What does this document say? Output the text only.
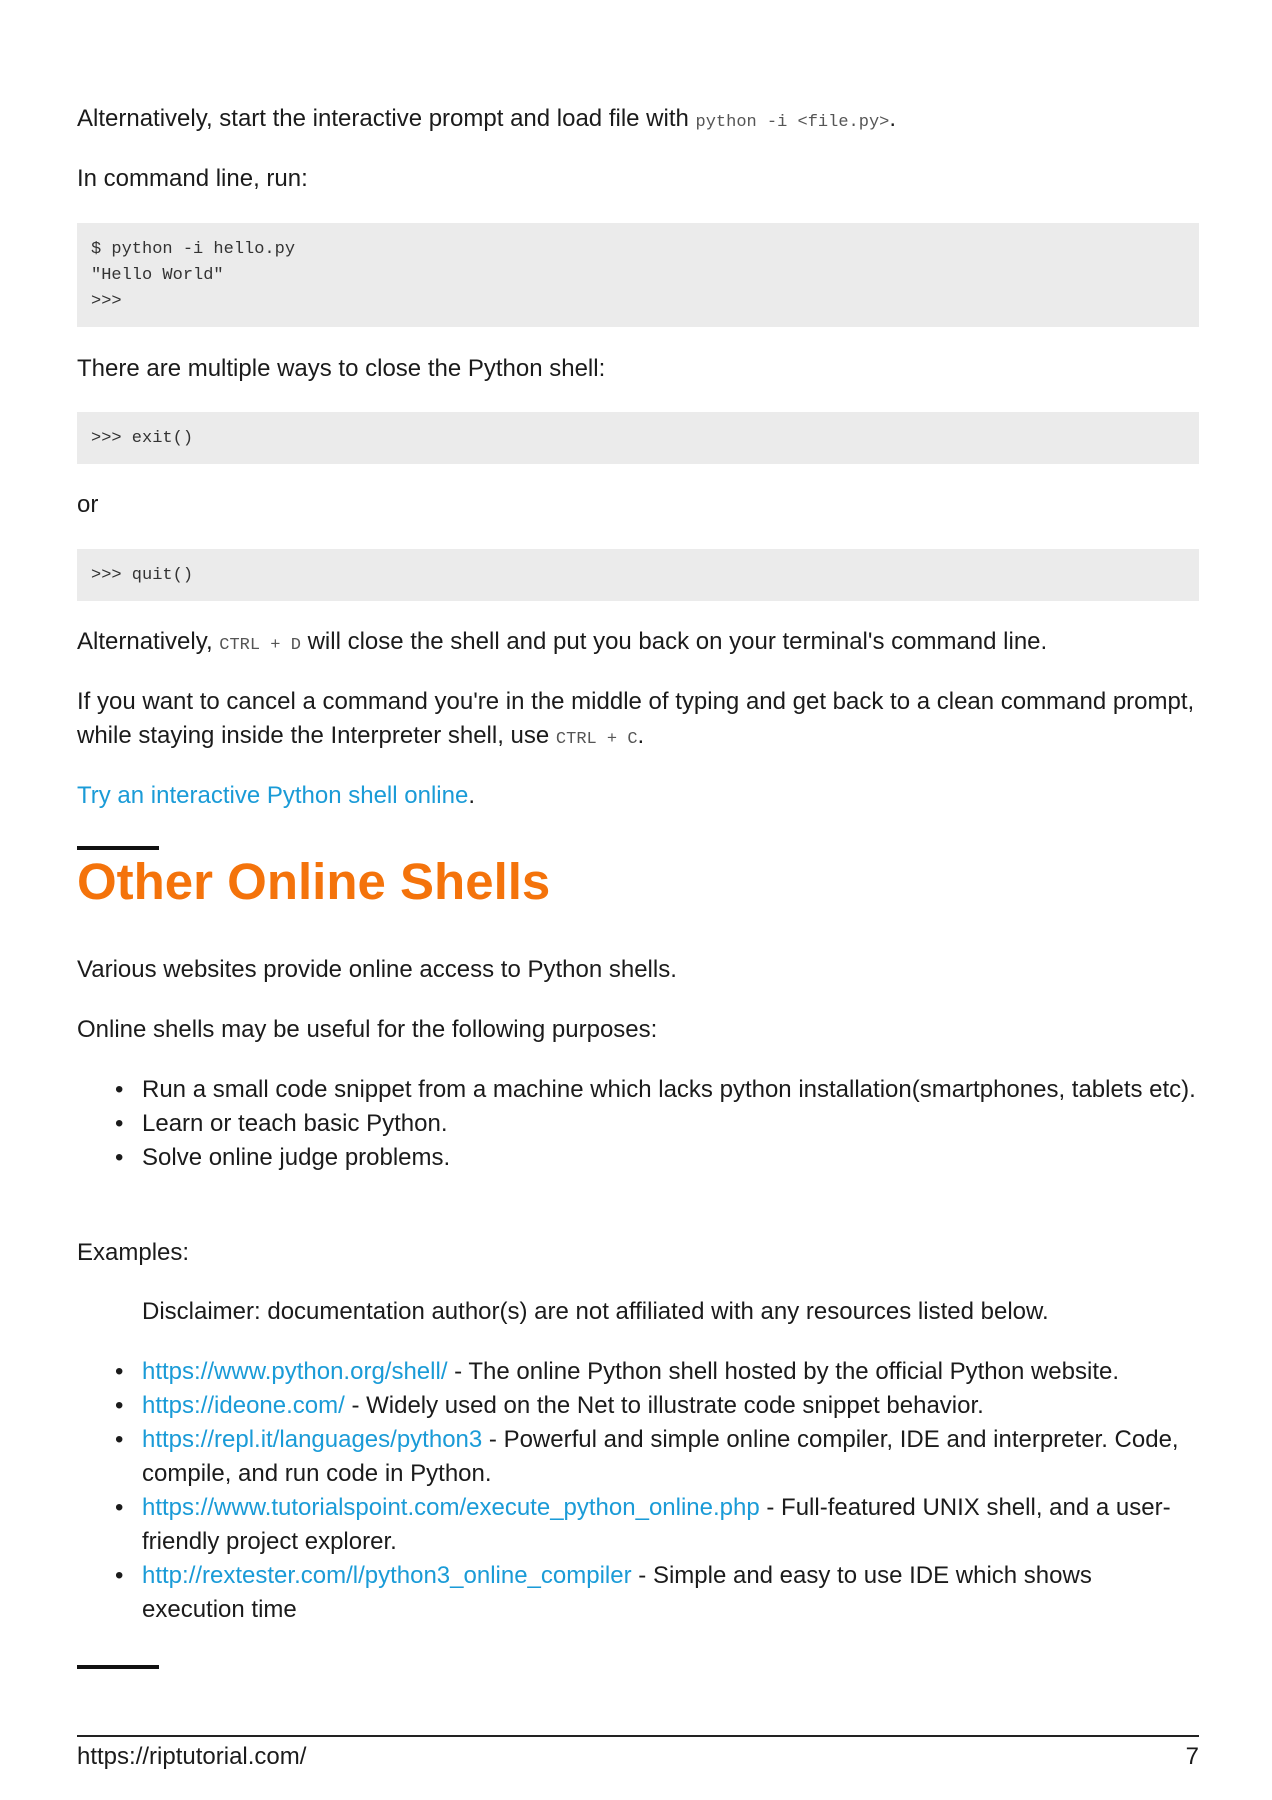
Alternatively, start the interactive prompt and load file with python -i <file.py>.

In command line, run:

$ python -i hello.py
"Hello World"
>>>

There are multiple ways to close the Python shell:

>>> exit()

or

>>> quit()

Alternatively, CTRL + D will close the shell and put you back on your terminal's command line.

If you want to cancel a command you're in the middle of typing and get back to a clean command prompt, while staying inside the Interpreter shell, use CTRL + C.

Try an interactive Python shell online.

Other Online Shells

Various websites provide online access to Python shells.

Online shells may be useful for the following purposes:

• Run a small code snippet from a machine which lacks python installation(smartphones, tablets etc).
• Learn or teach basic Python.
• Solve online judge problems.

Examples:

Disclaimer: documentation author(s) are not affiliated with any resources listed below.

• https://www.python.org/shell/ - The online Python shell hosted by the official Python website.
• https://ideone.com/ - Widely used on the Net to illustrate code snippet behavior.
• https://repl.it/languages/python3 - Powerful and simple online compiler, IDE and interpreter. Code, compile, and run code in Python.
• https://www.tutorialspoint.com/execute_python_online.php - Full-featured UNIX shell, and a user-friendly project explorer.
• http://rextester.com/l/python3_online_compiler - Simple and easy to use IDE which shows execution time
https://riptutorial.com/	7
